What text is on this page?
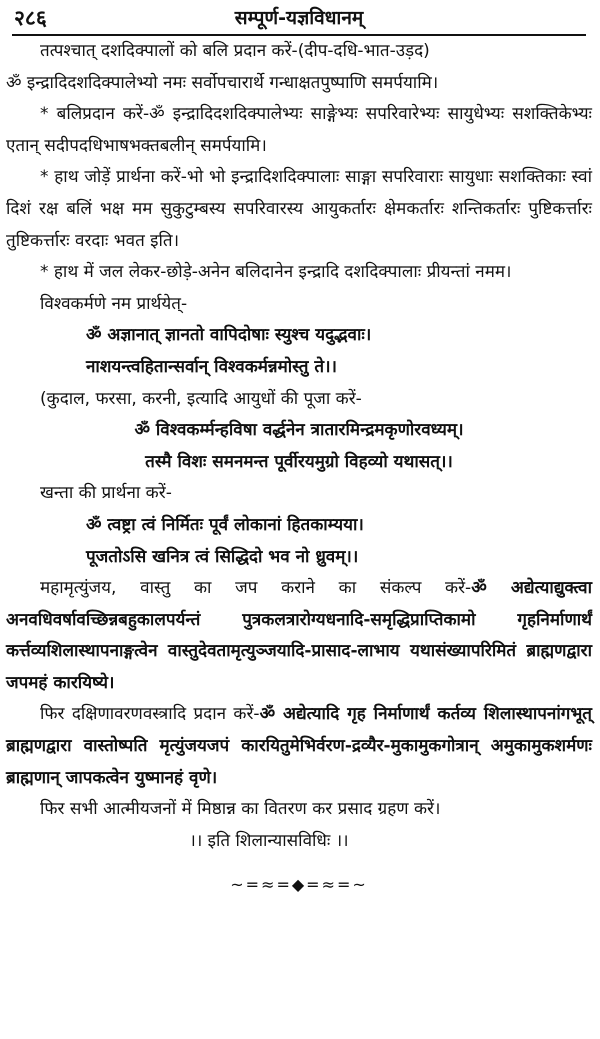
२८६	सम्पूर्ण-यज्ञविधानम्

तत्पश्चात् दशदिक्पालों को बलि प्रदान करें-(दीप-दधि-भात-उड़द)

ॐ इन्द्रादिदशदिक्पालेभ्यो नमः सर्वोपचारार्थे गन्धाक्षतपुष्पाणि समर्पयामि।

* बलिप्रदान करें-ॐ इन्द्रादिदशदिक्पालेभ्यः साङ्गेभ्यः सपरिवारेभ्यः सायुधेभ्यः सशक्तिकेभ्यः एतान् सदीपदधिभाषभक्तबलीन् समर्पयामि।

* हाथ जोड़ें प्रार्थना करें-भो भो इन्द्रादिशदिक्पालाः साङ्गा सपरिवाराः सायुधाः सशक्तिकाः स्वां दिशं रक्ष बलिं भक्ष मम सुकुटुम्बस्य सपरिवारस्य आयुकर्तारः क्षेमकर्तारः शन्तिकर्तारः पुष्टिकर्त्तारः तुष्टिकर्त्तारः वरदाः भवत इति।

* हाथ में जल लेकर-छोड़े-अनेन बलिदानेन इन्द्रादि दशदिक्पालाः प्रीयन्तां नमम।

विश्वकर्मणे नम प्रार्थयेत्-

ॐ अज्ञानात् ज्ञानतो वापिदोषाः स्युश्च यदुद्भवाः।

नाशयन्त्वहितान्सर्वान् विश्वकर्मन्नमोस्तु ते।।

(कुदाल, फरसा, करनी, इत्यादि आयुधों की पूजा करें-

ॐ विश्वकर्म्मन्हविषा वर्द्धनेन त्रातारमिन्द्रमकृणोरवध्यम्।

तस्मै विशः समनमन्त पूर्वीरयमुग्रो विहव्यो यथासत्।।

खन्ता की प्रार्थना करें-

ॐ त्वष्ट्रा त्वं निर्मितः पूर्वं लोकानां हितकाम्यया।

पूजतोऽसि खनित्र त्वं सिद्धिदो भव नो ध्रुवम्।।

महामृत्युंजय, वास्तु का जप कराने का संकल्प करें-ॐ अद्येत्याद्युक्त्वा अनवधिवर्षावच्छिन्नबहुकालपर्यन्तं पुत्रकलत्रारोग्यधनादि-समृद्धिप्राप्तिकामो गृहनिर्माणार्थं कर्त्तव्यशिलास्थापनाङ्गत्वेन वास्तुदेवतामृत्युञ्जयादि-प्रासाद-लाभाय यथासंख्यापरिमितं ब्राह्मणद्वारा जपमहं कारयिष्ये।

फिर दक्षिणावरणवस्त्रादि प्रदान करें-ॐ अद्येत्यादि गृह निर्माणार्थं कर्तव्य शिलास्थापनांगभूत् ब्राह्मणद्वारा वास्तोष्पति मृत्युंजयजपं कारयितुमेभिर्वरण-द्रव्यैर-मुकामुकगोत्रान् अमुकामुकशर्मणः ब्राह्मणान् जापकत्वेन युष्मानहं वृणे।

फिर सभी आत्मीयजनों में मिष्ठान्न का वितरण कर प्रसाद ग्रहण करें।

।। इति शिलान्यासविधिः ।।

~=≈=◆=≈=~
